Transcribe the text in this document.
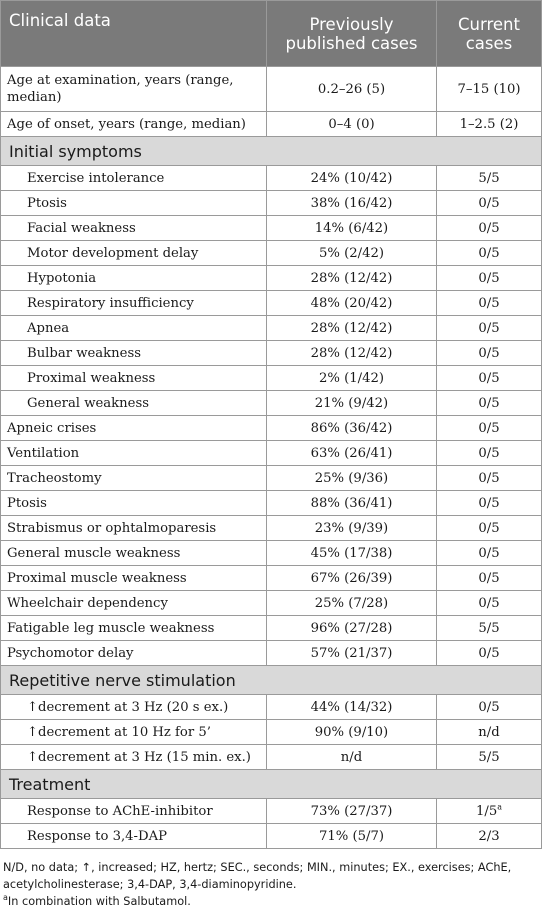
Clinical data	Previously published cases	Current cases
Age at examination, years (range, median)	0.2–26 (5)	7–15 (10)
Age of onset, years (range, median)	0–4 (0)	1–2.5 (2)
Initial symptoms		
Exercise intolerance	24% (10/42)	5/5
Ptosis	38% (16/42)	0/5
Facial weakness	14% (6/42)	0/5
Motor development delay	5% (2/42)	0/5
Hypotonia	28% (12/42)	0/5
Respiratory insufficiency	48% (20/42)	0/5
Apnea	28% (12/42)	0/5
Bulbar weakness	28% (12/42)	0/5
Proximal weakness	2% (1/42)	0/5
General weakness	21% (9/42)	0/5
Apneic crises	86% (36/42)	0/5
Ventilation	63% (26/41)	0/5
Tracheostomy	25% (9/36)	0/5
Ptosis	88% (36/41)	0/5
Strabismus or ophtalmoparesis	23% (9/39)	0/5
General muscle weakness	45% (17/38)	0/5
Proximal muscle weakness	67% (26/39)	0/5
Wheelchair dependency	25% (7/28)	0/5
Fatigable leg muscle weakness	96% (27/28)	5/5
Psychomotor delay	57% (21/37)	0/5
Repetitive nerve stimulation		
↑decrement at 3 Hz (20 s ex.)	44% (14/32)	0/5
↑decrement at 10 Hz for 5’	90% (9/10)	n/d
↑decrement at 3 Hz (15 min. ex.)	n/d	5/5
Treatment		
Response to AChE-inhibitor	73% (27/37)	1/5$^a$
Response to 3,4-DAP	71% (5/7)	2/3

N/D, no data; ↑, increased; HZ, hertz; SEC., seconds; MIN., minutes; EX., exercises; AChE, acetylcholinesterase; 3,4-DAP, 3,4-diaminopyridine.

$^a$In combination with Salbutamol.
